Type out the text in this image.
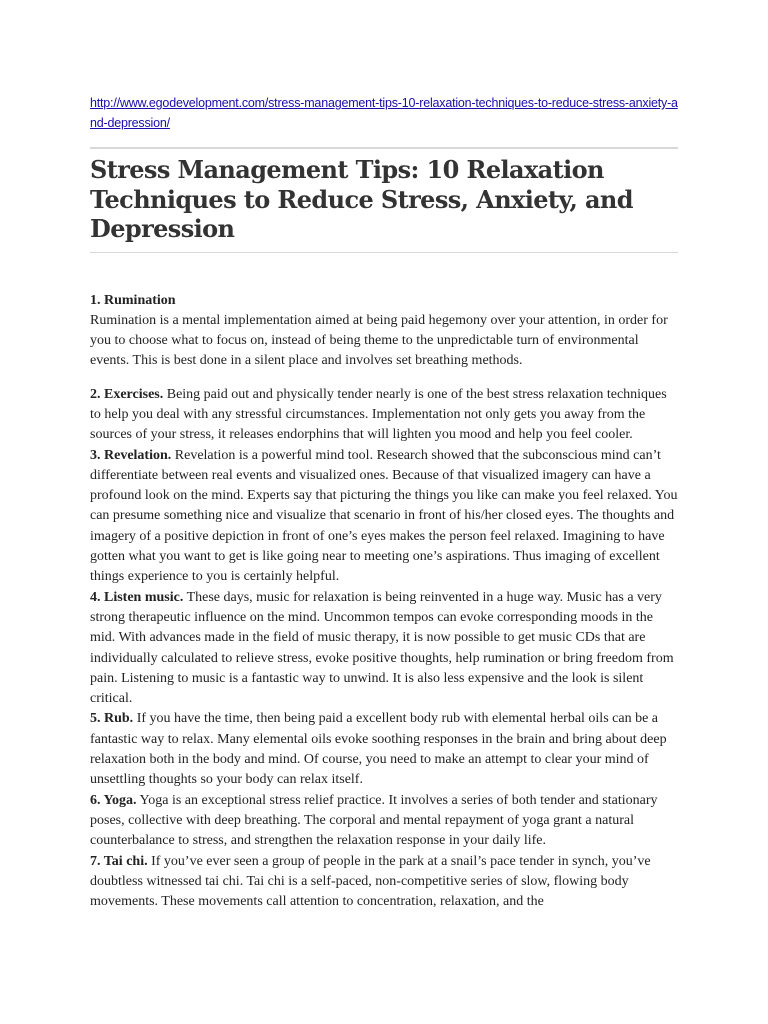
http://www.egodevelopment.com/stress-management-tips-10-relaxation-techniques-to-reduce-stress-anxiety-and-depression/
Stress Management Tips: 10 Relaxation Techniques to Reduce Stress, Anxiety, and Depression

1. Rumination
Rumination is a mental implementation aimed at being paid hegemony over your attention, in order for you to choose what to focus on, instead of being theme to the unpredictable turn of environmental events. This is best done in a silent place and involves set breathing methods.

2. Exercises. Being paid out and physically tender nearly is one of the best stress relaxation techniques to help you deal with any stressful circumstances. Implementation not only gets you away from the sources of your stress, it releases endorphins that will lighten you mood and help you feel cooler.

3. Revelation. Revelation is a powerful mind tool. Research showed that the subconscious mind can’t differentiate between real events and visualized ones. Because of that visualized imagery can have a profound look on the mind. Experts say that picturing the things you like can make you feel relaxed. You can presume something nice and visualize that scenario in front of his/her closed eyes. The thoughts and imagery of a positive depiction in front of one’s eyes makes the person feel relaxed. Imagining to have gotten what you want to get is like going near to meeting one’s aspirations. Thus imaging of excellent things experience to you is certainly helpful.

4. Listen music. These days, music for relaxation is being reinvented in a huge way. Music has a very strong therapeutic influence on the mind. Uncommon tempos can evoke corresponding moods in the mid. With advances made in the field of music therapy, it is now possible to get music CDs that are individually calculated to relieve stress, evoke positive thoughts, help rumination or bring freedom from pain. Listening to music is a fantastic way to unwind. It is also less expensive and the look is silent critical.

5. Rub. If you have the time, then being paid a excellent body rub with elemental herbal oils can be a fantastic way to relax. Many elemental oils evoke soothing responses in the brain and bring about deep relaxation both in the body and mind. Of course, you need to make an attempt to clear your mind of unsettling thoughts so your body can relax itself.

6. Yoga. Yoga is an exceptional stress relief practice. It involves a series of both tender and stationary poses, collective with deep breathing. The corporal and mental repayment of yoga grant a natural counterbalance to stress, and strengthen the relaxation response in your daily life.

7. Tai chi. If you’ve ever seen a group of people in the park at a snail’s pace tender in synch, you’ve doubtless witnessed tai chi. Tai chi is a self-paced, non-competitive series of slow, flowing body movements. These movements call attention to concentration, relaxation, and the
